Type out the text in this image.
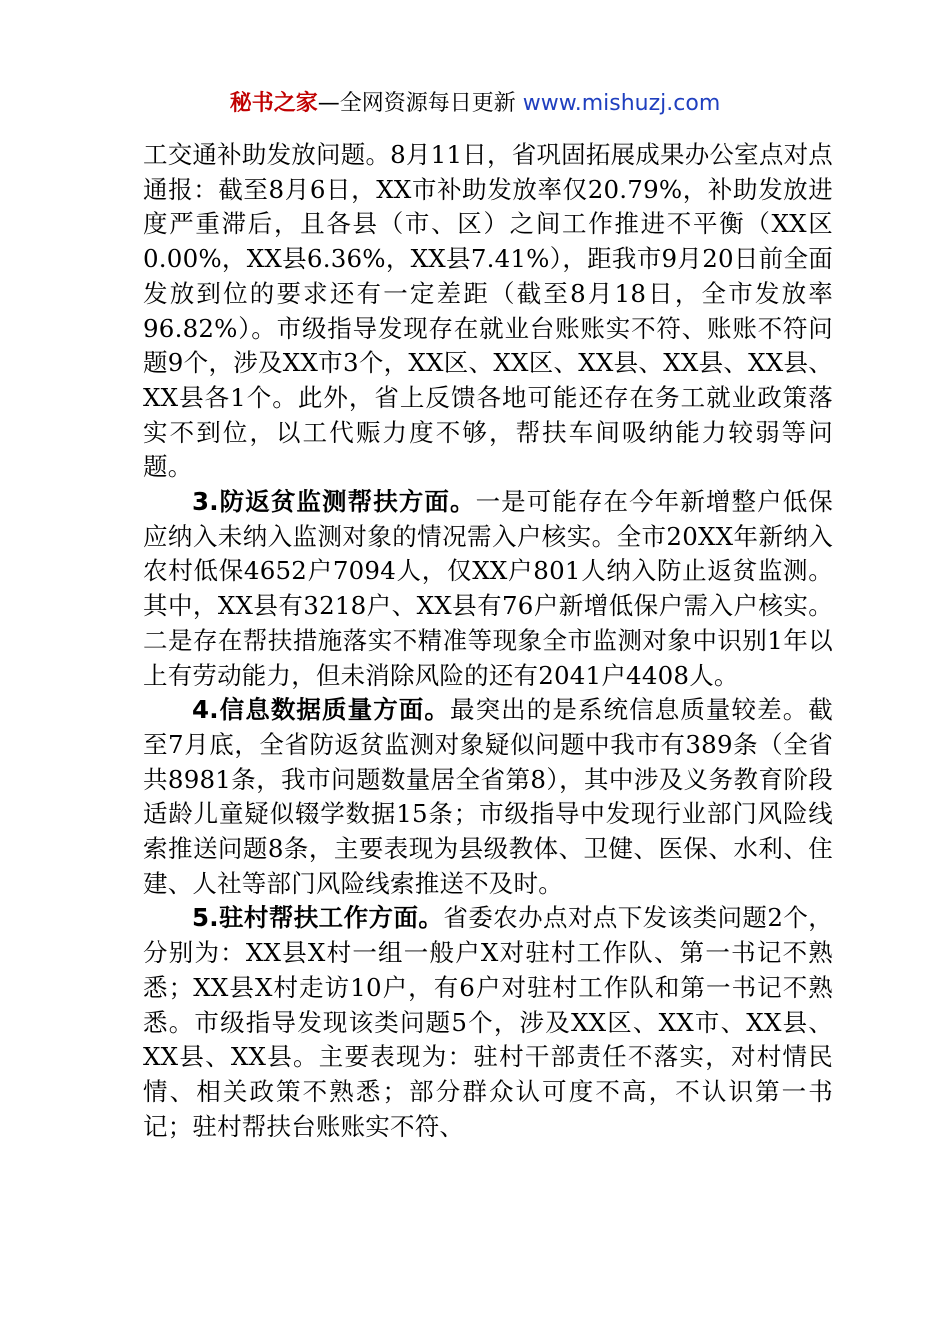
秘书之家—全网资源每日更新 www.mishuzj.com

工交通补助发放问题。8月11日，省巩固拓展成果办公室点对点通报：截至8月6日，XX市补助发放率仅20.79%，补助发放进度严重滞后，且各县（市、区）之间工作推进不平衡（XX区0.00%，XX县6.36%，XX县7.41%），距我市9月20日前全面发放到位的要求还有一定差距（截至8月18日，全市发放率96.82%）。市级指导发现存在就业台账账实不符、账账不符问题9个，涉及XX市3个，XX区、XX区、XX县、XX县、XX县、XX县各1个。此外，省上反馈各地可能还存在务工就业政策落实不到位，以工代赈力度不够，帮扶车间吸纳能力较弱等问题。

3.防返贫监测帮扶方面。一是可能存在今年新增整户低保应纳入未纳入监测对象的情况需入户核实。全市20XX年新纳入农村低保4652户7094人，仅XX户801人纳入防止返贫监测。其中，XX县有3218户、XX县有76户新增低保户需入户核实。二是存在帮扶措施落实不精准等现象全市监测对象中识别1年以上有劳动能力，但未消除风险的还有2041户4408人。

4.信息数据质量方面。最突出的是系统信息质量较差。截至7月底，全省防返贫监测对象疑似问题中我市有389条（全省共8981条，我市问题数量居全省第8），其中涉及义务教育阶段适龄儿童疑似辍学数据15条；市级指导中发现行业部门风险线索推送问题8条，主要表现为县级教体、卫健、医保、水利、住建、人社等部门风险线索推送不及时。

5.驻村帮扶工作方面。省委农办点对点下发该类问题2个，分别为：XX县X村一组一般户X对驻村工作队、第一书记不熟悉；XX县X村走访10户，有6户对驻村工作队和第一书记不熟悉。市级指导发现该类问题5个，涉及XX区、XX市、XX县、XX县、XX县。主要表现为：驻村干部责任不落实，对村情民情、相关政策不熟悉；部分群众认可度不高，不认识第一书记；驻村帮扶台账账实不符、
